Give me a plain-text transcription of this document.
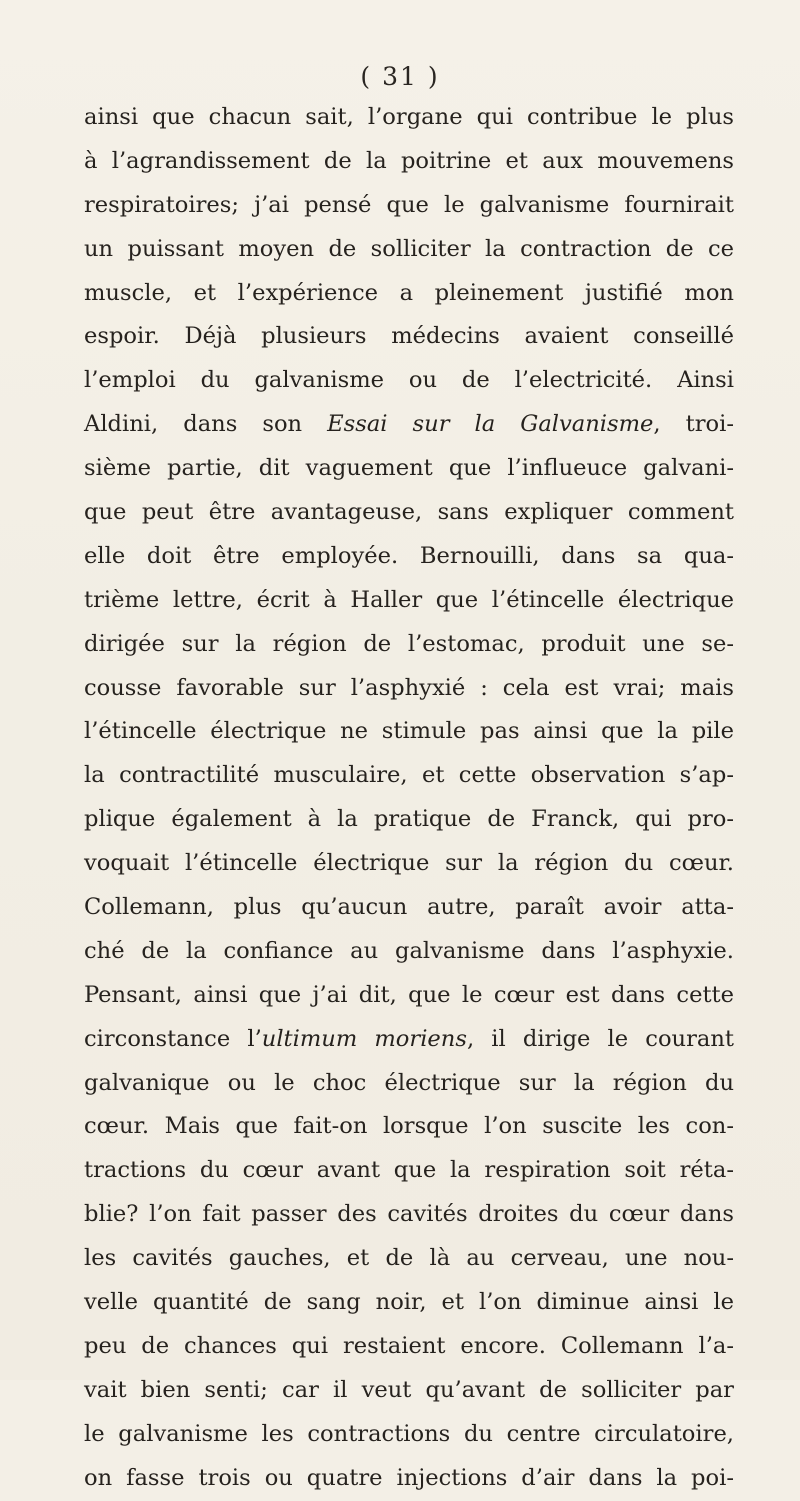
( 31 )
ainsi que chacun sait, l’organe qui contribue le plus
à l’agrandissement de la poitrine et aux mouvemens
respiratoires; j’ai pensé que le galvanisme fournirait
un puissant moyen de solliciter la contraction de ce
muscle, et l’expérience a pleinement justifié mon
espoir. Déjà plusieurs médecins avaient conseillé
l’emploi du galvanisme ou de l’electricité. Ainsi
Aldini, dans son Essai sur la Galvanisme, troi-
sième partie, dit vaguement que l’influeuce galvani-
que peut être avantageuse, sans expliquer comment
elle doit être employée. Bernouilli, dans sa qua-
trième lettre, écrit à Haller que l’étincelle électrique
dirigée sur la région de l’estomac, produit une se-
cousse favorable sur l’asphyxié : cela est vrai; mais
l’étincelle électrique ne stimule pas ainsi que la pile
la contractilité musculaire, et cette observation s’ap-
plique également à la pratique de Franck, qui pro-
voquait l’étincelle électrique sur la région du cœur.
Collemann, plus qu’aucun autre, paraît avoir atta-
ché de la confiance au galvanisme dans l’asphyxie.
Pensant, ainsi que j’ai dit, que le cœur est dans cette
circonstance l’ultimum moriens, il dirige le courant
galvanique ou le choc électrique sur la région du
cœur. Mais que fait-on lorsque l’on suscite les con-
tractions du cœur avant que la respiration soit réta-
blie? l’on fait passer des cavités droites du cœur dans
les cavités gauches, et de là au cerveau, une nou-
velle quantité de sang noir, et l’on diminue ainsi le
peu de chances qui restaient encore. Collemann l’a-
vait bien senti; car il veut qu’avant de solliciter par
le galvanisme les contractions du centre circulatoire,
on fasse trois ou quatre injections d’air dans la poi-
